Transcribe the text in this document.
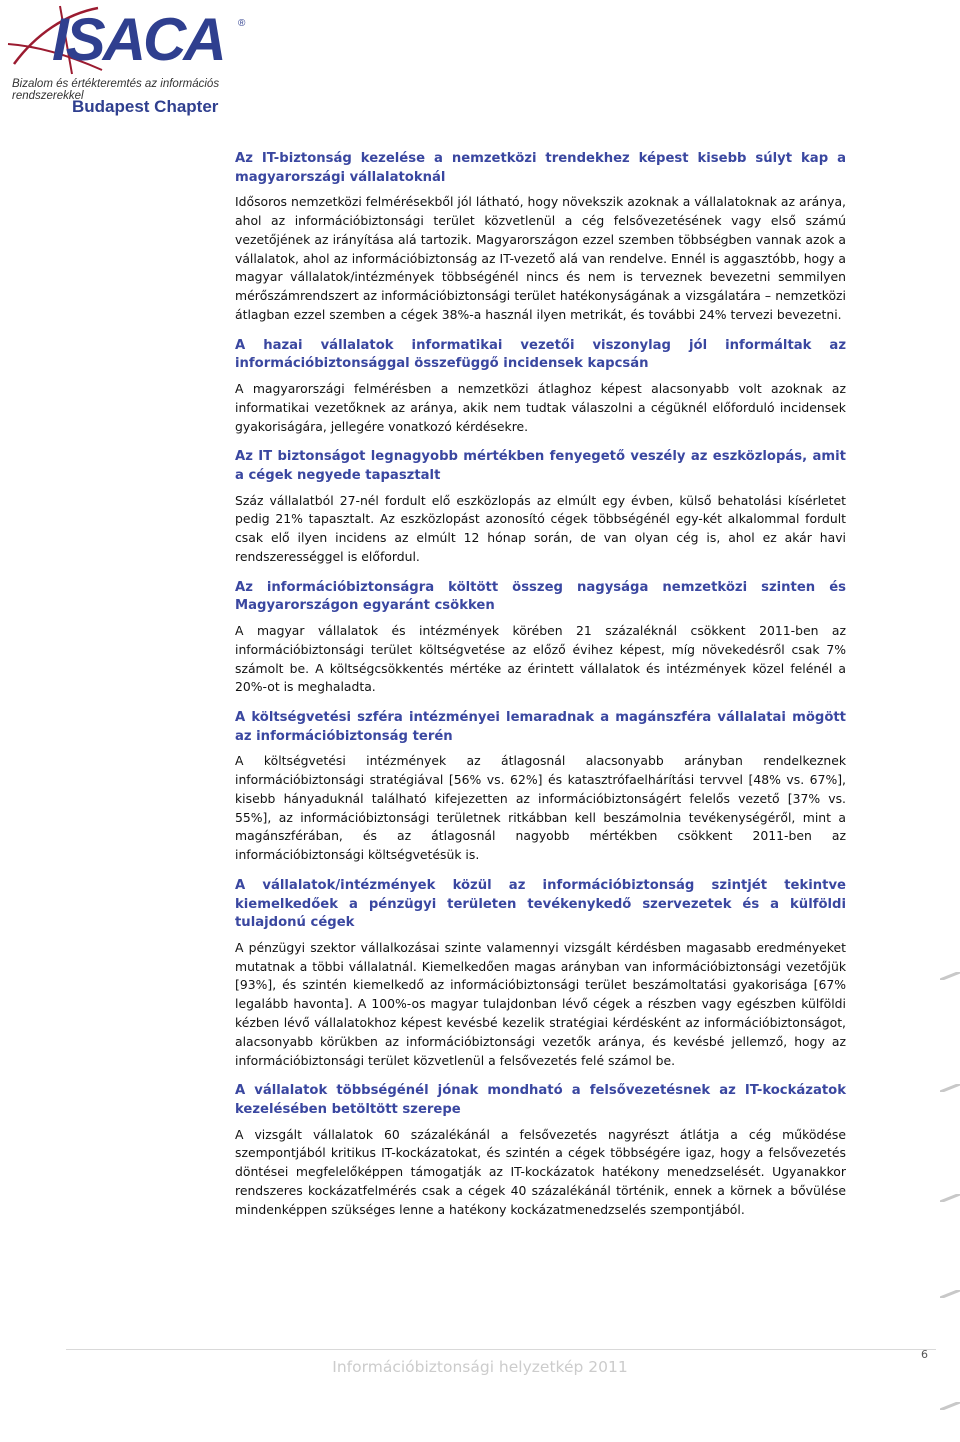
ISACA ®
Bizalom és értékteremtés az információs rendszerekkel
Budapest Chapter
Az IT-biztonság kezelése a nemzetközi trendekhez képest kisebb súlyt kap a magyarországi vállalatoknál

Idősoros nemzetközi felmérésekből jól látható, hogy növekszik azoknak a vállalatoknak az aránya, ahol az információbiztonsági terület közvetlenül a cég felsővezetésének vagy első számú vezetőjének az irányítása alá tartozik. Magyarországon ezzel szemben többségben vannak azok a vállalatok, ahol az információbiztonság az IT-vezető alá van rendelve. Ennél is aggasztóbb, hogy a magyar vállalatok/intézmények többségénél nincs és nem is terveznek bevezetni semmilyen mérőszámrendszert az információbiztonsági terület hatékonyságának a vizsgálatára – nemzetközi átlagban ezzel szemben a cégek 38%-a használ ilyen metrikát, és további 24% tervezi bevezetni.

A hazai vállalatok informatikai vezetői viszonylag jól informáltak az információbiztonsággal összefüggő incidensek kapcsán

A magyarországi felmérésben a nemzetközi átlaghoz képest alacsonyabb volt azoknak az informatikai vezetőknek az aránya, akik nem tudtak válaszolni a cégüknél előforduló incidensek gyakoriságára, jellegére vonatkozó kérdésekre.

Az IT biztonságot legnagyobb mértékben fenyegető veszély az eszközlopás, amit a cégek negyede tapasztalt

Száz vállalatból 27-nél fordult elő eszközlopás az elmúlt egy évben, külső behatolási kísérletet pedig 21% tapasztalt. Az eszközlopást azonosító cégek többségénél egy-két alkalommal fordult csak elő ilyen incidens az elmúlt 12 hónap során, de van olyan cég is, ahol ez akár havi rendszerességgel is előfordul.

Az információbiztonságra költött összeg nagysága nemzetközi szinten és Magyarországon egyaránt csökken

A magyar vállalatok és intézmények körében 21 százaléknál csökkent 2011-ben az információbiztonsági terület költségvetése az előző évihez képest, míg növekedésről csak 7% számolt be. A költségcsökkentés mértéke az érintett vállalatok és intézmények közel felénél a 20%-ot is meghaladta.

A költségvetési szféra intézményei lemaradnak a magánszféra vállalatai mögött az információbiztonság terén

A költségvetési intézmények az átlagosnál alacsonyabb arányban rendelkeznek információbiztonsági stratégiával [56% vs. 62%] és katasztrófaelhárítási tervvel [48% vs. 67%], kisebb hányaduknál található kifejezetten az információbiztonságért felelős vezető [37% vs. 55%], az információbiztonsági területnek ritkábban kell beszámolnia tevékenységéről, mint a magánszférában, és az átlagosnál nagyobb mértékben csökkent 2011-ben az információbiztonsági költségvetésük is.

A vállalatok/intézmények közül az információbiztonság szintjét tekintve kiemelkedőek a pénzügyi területen tevékenykedő szervezetek és a külföldi tulajdonú cégek

A pénzügyi szektor vállalkozásai szinte valamennyi vizsgált kérdésben magasabb eredményeket mutatnak a többi vállalatnál. Kiemelkedően magas arányban van információbiztonsági vezetőjük [93%], és szintén kiemelkedő az információbiztonsági terület beszámoltatási gyakorisága [67% legalább havonta]. A 100%-os magyar tulajdonban lévő cégek a részben vagy egészben külföldi kézben lévő vállalatokhoz képest kevésbé kezelik stratégiai kérdésként az információbiztonságot, alacsonyabb körükben az információbiztonsági vezetők aránya, és kevésbé jellemző, hogy az információbiztonsági terület közvetlenül a felsővezetés felé számol be.

A vállalatok többségénél jónak mondható a felsővezetésnek az IT-kockázatok kezelésében betöltött szerepe

A vizsgált vállalatok 60 százalékánál a felsővezetés nagyrészt átlátja a cég működése szempontjából kritikus IT-kockázatokat, és szintén a cégek többségére igaz, hogy a felsővezetés döntései megfelelőképpen támogatják az IT-kockázatok hatékony menedzselését. Ugyanakkor rendszeres kockázatfelmérés csak a cégek 40 százalékánál történik, ennek a körnek a bővülése mindenképpen szükséges lenne a hatékony kockázatmenedzselés szempontjából.

Információbiztonsági helyzetkép 2011
6
